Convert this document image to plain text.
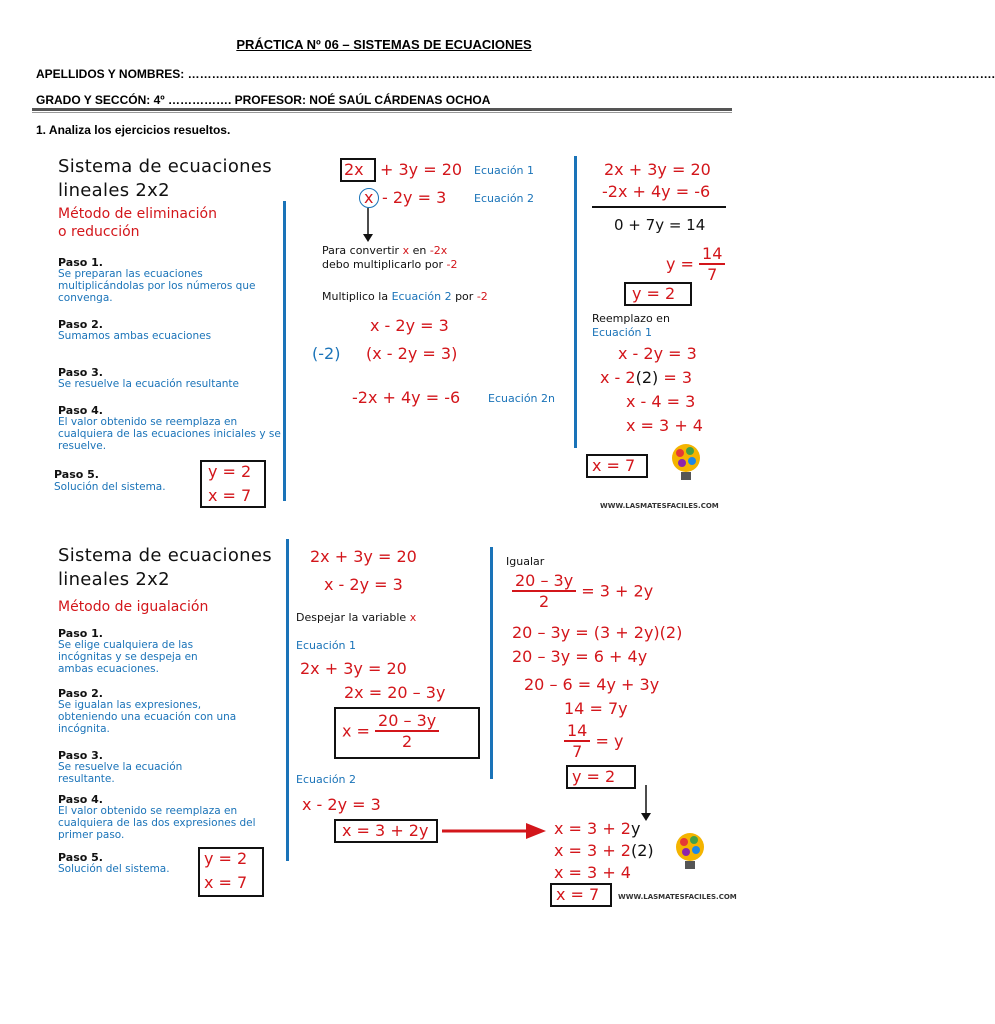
PRÁCTICA Nº 06 – SISTEMAS DE ECUACIONES
APELLIDOS Y NOMBRES: ………………………………………………………………………………………………………………………………………………………………………………….
GRADO Y SECCÓN: 4º ……………. PROFESOR: NOÉ SAÚL CÁRDENAS OCHOA
1. Analiza los ejercicios resueltos.
Sistema de ecuaciones
lineales 2x2
Método de eliminación
o reducción
Paso 1.
Se preparan las ecuaciones multiplicándolas por los números que convenga.
Paso 2.
Sumamos ambas ecuaciones
Paso 3.
Se resuelve la ecuación resultante
Paso 4.
El valor obtenido se reemplaza en cualquiera de las ecuaciones iniciales y se resuelve.
Paso 5.
Solución del sistema.
y = 2
x = 7
2x + 3y = 20 Ecuación 1
x - 2y = 3	Ecuación 2
Para convertir x en -2x
debo multiplicarlo por -2
Multiplico la Ecuación 2 por -2
x - 2y = 3
(-2) (x - 2y = 3)
-2x + 4y = -6	Ecuación 2n
2x + 3y = 20
-2x + 4y = -6
0 + 7y = 14
$y = \frac{14}{7}$
y = 2
Reemplazo en
Ecuación 1
x - 2y = 3
x - 2(2) = 3
x - 4 = 3
x = 3 + 4
x = 7
WWW.LASMATESFACILES.COM
Sistema de ecuaciones
lineales 2x2
Método de igualación
Paso 1.
Se elige cualquiera de las incógnitas y se despeja en ambas ecuaciones.
Paso 2.
Se igualan las expresiones, obteniendo una ecuación con una incógnita.
Paso 3.
Se resuelve la ecuación resultante.
Paso 4.
El valor obtenido se reemplaza en cualquiera de las dos expresiones del primer paso.
Paso 5.
Solución del sistema.
y = 2
x = 7
2x + 3y = 20
x - 2y = 3
Despejar la variable x
Ecuación 1
2x + 3y = 20
2x = 20 – 3y
$x = \frac{20 - 3y}{2}$
Ecuación 2
x - 2y = 3
x = 3 + 2y
Igualar
$\frac{20 - 3y}{2} = 3 + 2y$
20 – 3y = (3 + 2y)(2)
20 – 3y = 6 + 4y
20 – 6 = 4y + 3y
14 = 7y
$\frac{14}{7} = y$
y = 2
x = 3 + 2y
x = 3 + 2(2)
x = 3 + 4
x = 7	WWW.LASMATESFACILES.COM
